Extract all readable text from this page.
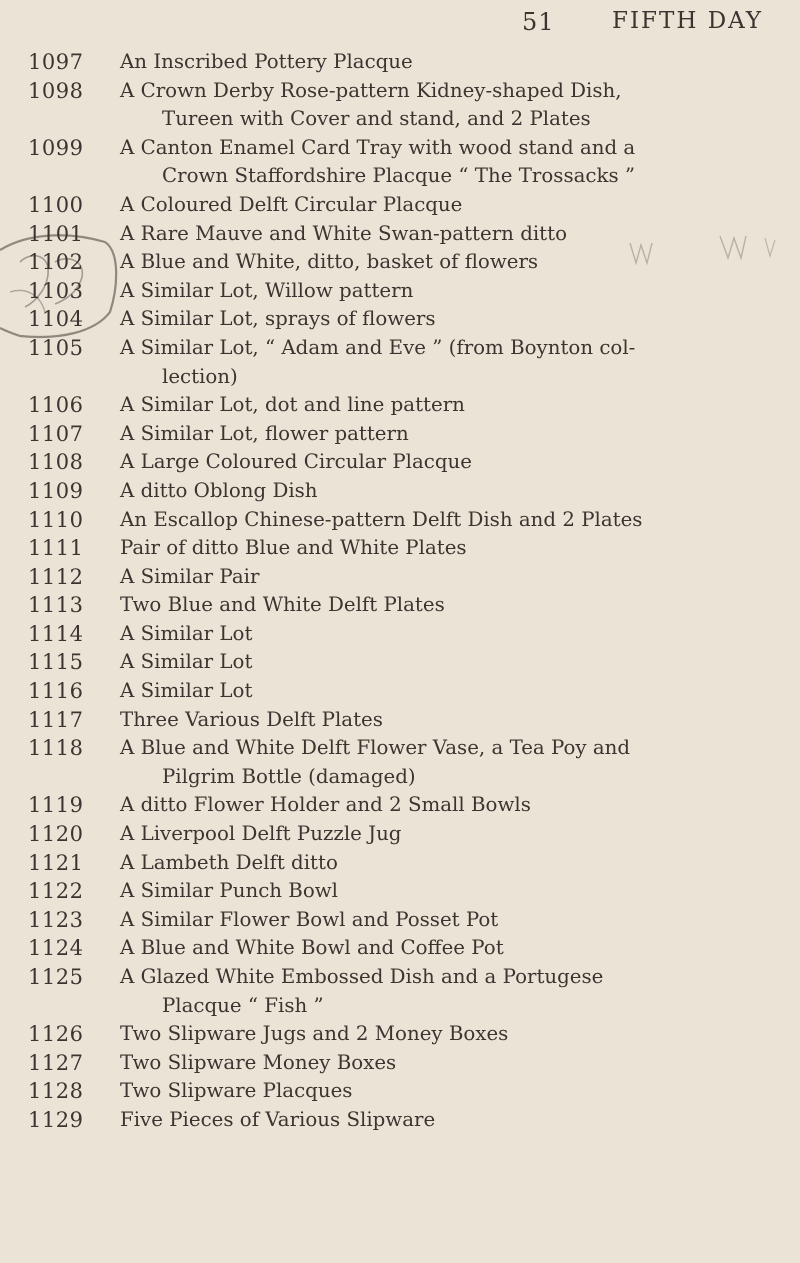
51 FIFTH DAY
1097	An Inscribed Pottery Placque
1098	A Crown Derby Rose-pattern Kidney-shaped Dish,
Tureen with Cover and stand, and 2 Plates
1099	A Canton Enamel Card Tray with wood stand and a
Crown Staffordshire Placque “ The Trossacks ”
1100	A Coloured Delft Circular Placque
1101	A Rare Mauve and White Swan-pattern ditto
1102	A Blue and White, ditto, basket of flowers
1103	A Similar Lot, Willow pattern
1104	A Similar Lot, sprays of flowers
1105	A Similar Lot, “ Adam and Eve ” (from Boynton col-
lection)
1106	A Similar Lot, dot and line pattern
1107	A Similar Lot, flower pattern
1108	A Large Coloured Circular Placque
1109	A ditto Oblong Dish
1110	An Escallop Chinese-pattern Delft Dish and 2 Plates
1111	Pair of ditto Blue and White Plates
1112	A Similar Pair
1113	Two Blue and White Delft Plates
1114	A Similar Lot
1115	A Similar Lot
1116	A Similar Lot
1117	Three Various Delft Plates
1118	A Blue and White Delft Flower Vase, a Tea Poy and
Pilgrim Bottle (damaged)
1119	A ditto Flower Holder and 2 Small Bowls
1120	A Liverpool Delft Puzzle Jug
1121	A Lambeth Delft ditto
1122	A Similar Punch Bowl
1123	A Similar Flower Bowl and Posset Pot
1124	A Blue and White Bowl and Coffee Pot
1125	A Glazed White Embossed Dish and a Portugese
Placque “ Fish ”
1126	Two Slipware Jugs and 2 Money Boxes
1127	Two Slipware Money Boxes
1128	Two Slipware Placques
1129	Five Pieces of Various Slipware
